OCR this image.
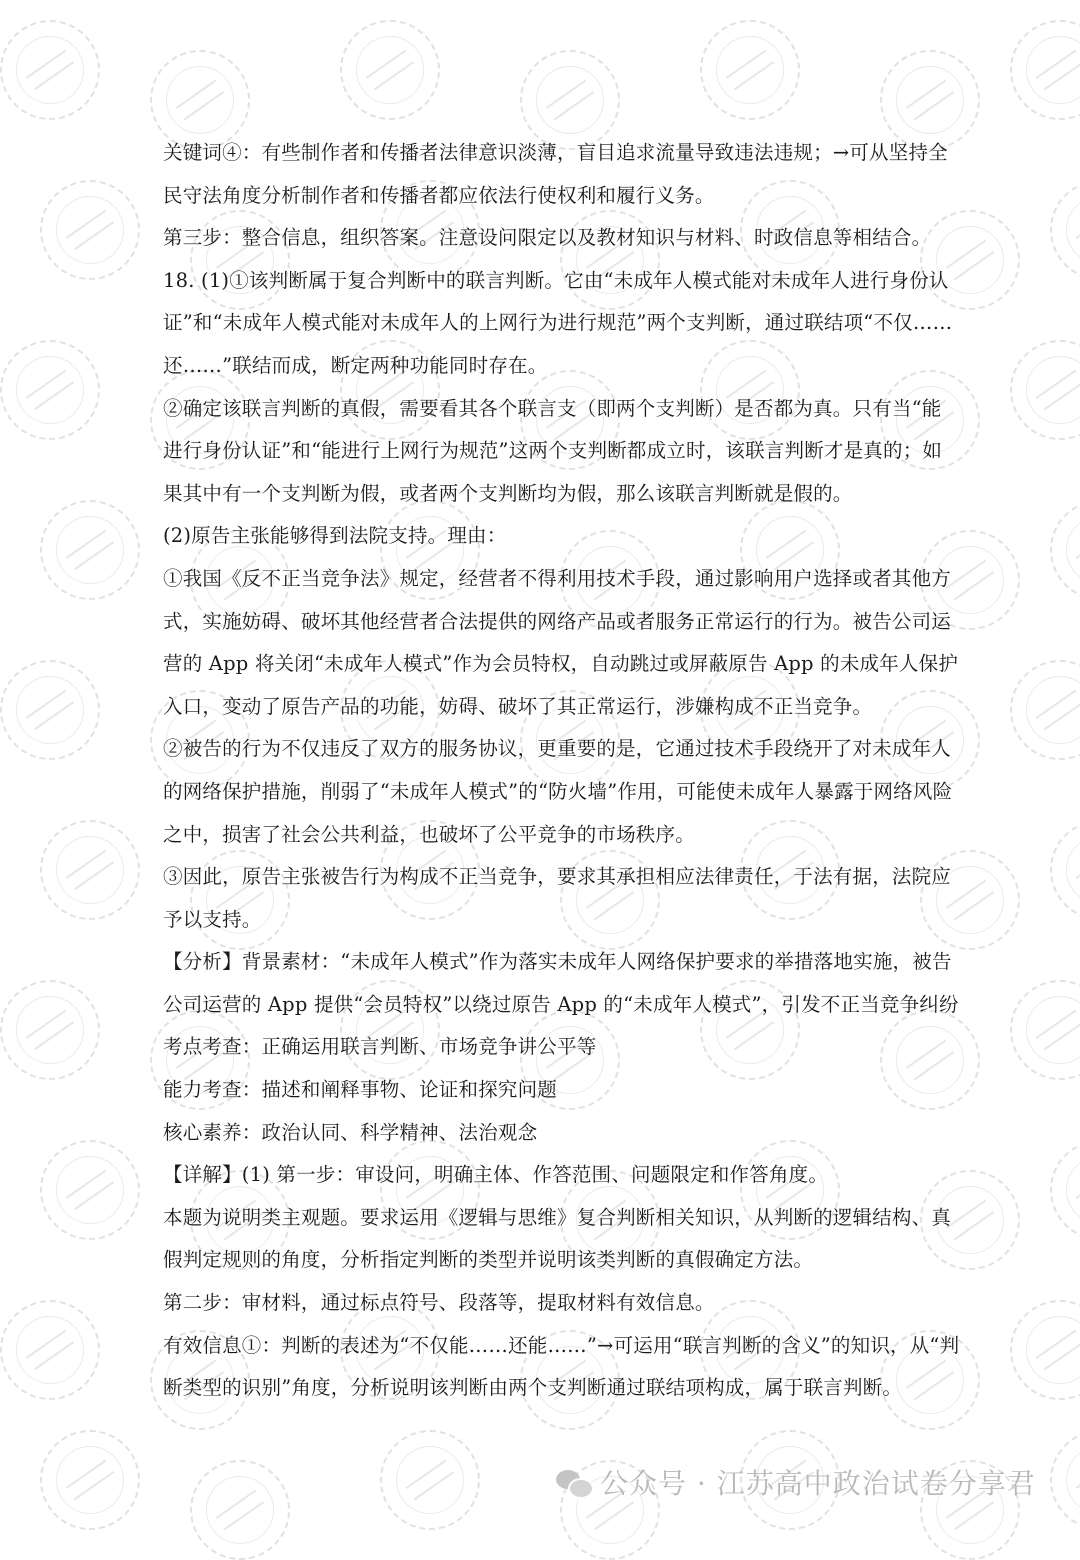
关键词④：有些制作者和传播者法律意识淡薄，盲目追求流量导致违法违规；→可从坚持全
民守法角度分析制作者和传播者都应依法行使权利和履行义务。
第三步：整合信息，组织答案。注意设问限定以及教材知识与材料、时政信息等相结合。
18. (1)①该判断属于复合判断中的联言判断。它由“未成年人模式能对未成年人进行身份认
证”和“未成年人模式能对未成年人的上网行为进行规范”两个支判断，通过联结项“不仅……
还……”联结而成，断定两种功能同时存在。
②确定该联言判断的真假，需要看其各个联言支（即两个支判断）是否都为真。只有当“能
进行身份认证”和“能进行上网行为规范”这两个支判断都成立时，该联言判断才是真的；如
果其中有一个支判断为假，或者两个支判断均为假，那么该联言判断就是假的。
(2)原告主张能够得到法院支持。理由：
①我国《反不正当竞争法》规定，经营者不得利用技术手段，通过影响用户选择或者其他方
式，实施妨碍、破坏其他经营者合法提供的网络产品或者服务正常运行的行为。被告公司运
营的 App 将关闭“未成年人模式”作为会员特权，自动跳过或屏蔽原告 App 的未成年人保护
入口，变动了原告产品的功能，妨碍、破坏了其正常运行，涉嫌构成不正当竞争。
②被告的行为不仅违反了双方的服务协议，更重要的是，它通过技术手段绕开了对未成年人
的网络保护措施，削弱了“未成年人模式”的“防火墙”作用，可能使未成年人暴露于网络风险
之中，损害了社会公共利益，也破坏了公平竞争的市场秩序。
③因此，原告主张被告行为构成不正当竞争，要求其承担相应法律责任，于法有据，法院应
予以支持。
【分析】背景素材：“未成年人模式”作为落实未成年人网络保护要求的举措落地实施，被告
公司运营的 App 提供“会员特权”以绕过原告 App 的“未成年人模式”，引发不正当竞争纠纷
考点考查：正确运用联言判断、市场竞争讲公平等
能力考查：描述和阐释事物、论证和探究问题
核心素养：政治认同、科学精神、法治观念
【详解】(1) 第一步：审设问，明确主体、作答范围、问题限定和作答角度。
本题为说明类主观题。要求运用《逻辑与思维》复合判断相关知识，从判断的逻辑结构、真
假判定规则的角度，分析指定判断的类型并说明该类判断的真假确定方法。
第二步：审材料，通过标点符号、段落等，提取材料有效信息。
有效信息①：判断的表述为“不仅能……还能……”→可运用“联言判断的含义”的知识，从“判
断类型的识别”角度，分析说明该判断由两个支判断通过联结项构成，属于联言判断。
公众号 · 江苏高中政治试卷分享君
